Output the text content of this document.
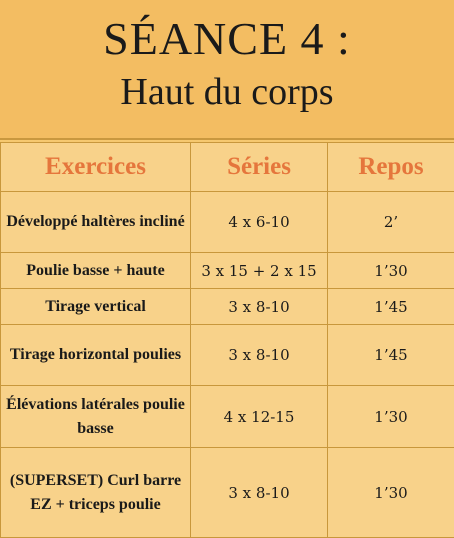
SÉANCE 4 :
Haut du corps
Exercices	Séries	Repos
Développé haltères incliné	4 x 6-10	2’
Poulie basse + haute	3 x 15 + 2 x 15	1’30
Tirage vertical	3 x 8-10	1’45
Tirage horizontal poulies	3 x 8-10	1’45
Élévations latérales poulie basse	4 x 12-15	1’30
(SUPERSET) Curl barre EZ + triceps poulie	3 x 8-10	1’30
